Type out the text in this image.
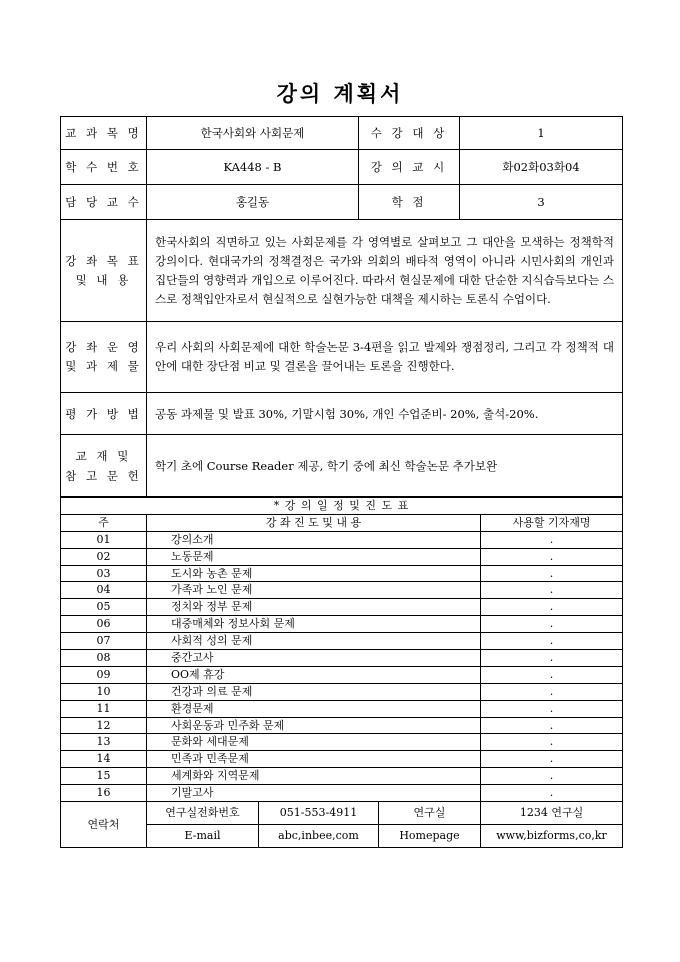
강의 계획서
교 과 목 명	한국사회와 사회문제	수 강 대 상	1
학 수 번 호	KA448 - B	강 의 교 시	화02화03화04
담 당 교 수	홍길동	학 점	3

강 좌 목 표
및 내 용	한국사회의 직면하고 있는 사회문제를 각 영역별로 살펴보고 그 대안을 모색하는 정책학적 강의이다. 현대국가의 정책결정은 국가와 의회의 배타적 영역이 아니라 시민사회의 개인과 집단들의 영향력과 개입으로 이루어진다. 따라서 현실문제에 대한 단순한 지식습득보다는 스스로 정책입안자로서 현실적으로 실현가능한 대책을 제시하는 토론식 수업이다.		

강 좌 운 영
및 과 제 물	우리 사회의 사회문제에 대한 학술논문 3-4편을 읽고 발제와 쟁점정리, 그리고 각 정책적 대안에 대한 장단점 비교 및 결론을 끌어내는 토론을 진행한다.		
평 가 방 법	공동 과제물 및 발표 30%, 기말시험 30%, 개인 수업준비- 20%, 출석-20%.		

교 재 및
참 고 문 헌	학기 초에 Course Reader 제공, 학기 중에 최신 학술논문 추가보완		
* 강 의 일 정 및 진 도 표				
주	강 좌 진 도 및 내 용			사용할 기자재명
01	강의소개			.
02	노동문제			.
03	도시와 농촌 문제			.
04	가족과 노인 문제			.
05	정치와 정부 문제			.
06	대중매체와 정보사회 문제			.
07	사회적 성의 문제			.
08	중간고사			.
09	OO제 휴강			.
10	건강과 의료 문제			.
11	환경문제			.
12	사회운동과 민주화 문제			.
13	문화와 세대문제			.
14	민족과 민족문제			.
15	세계화와 지역문제			.
16	기말고사			.
연락처	연구실전화번호	051-553-4911	연구실	1234 연구실
	E-mail	abc,inbee,com	Homepage	www,bizforms,co,kr
